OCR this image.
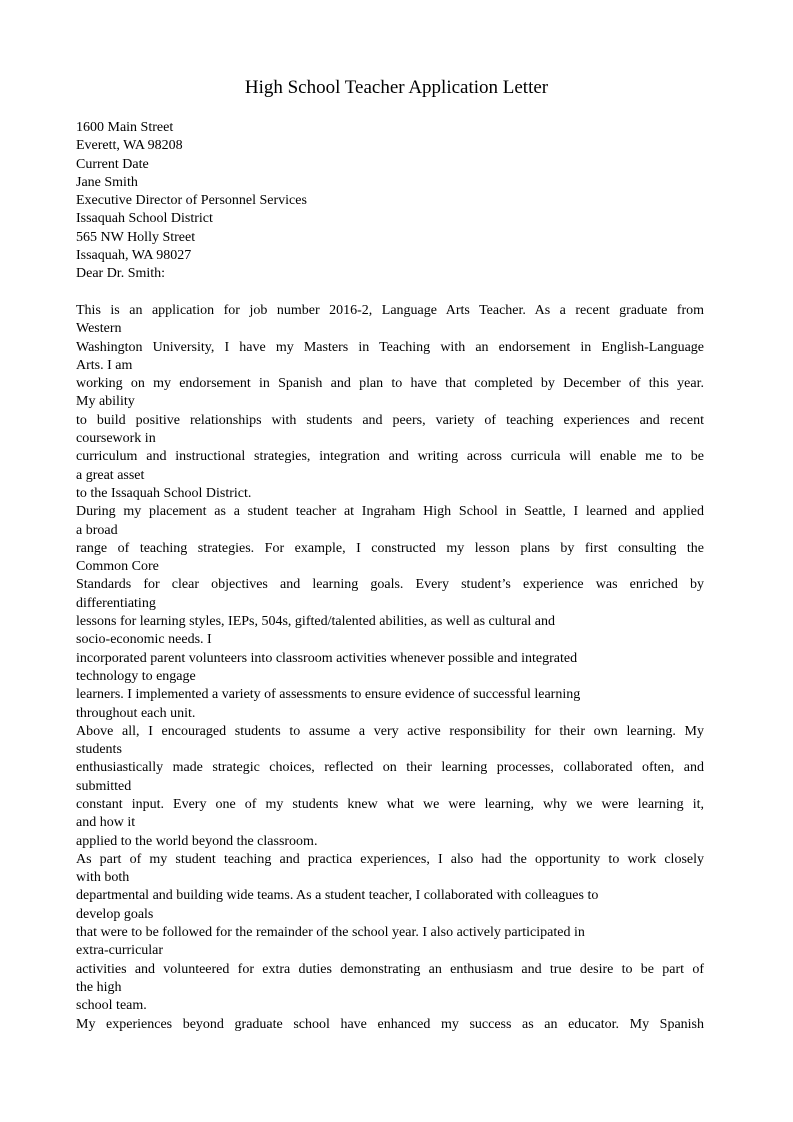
High School Teacher Application Letter
1600 Main Street
Everett, WA 98208
Current Date
Jane Smith
Executive Director of Personnel Services
Issaquah School District
565 NW Holly Street
Issaquah, WA 98027
Dear Dr. Smith:
This is an application for job number 2016-2, Language Arts Teacher. As a recent graduate from
Western
Washington University, I have my Masters in Teaching with an endorsement in English-Language
Arts. I am
working on my endorsement in Spanish and plan to have that completed by December of this year.
My ability
to build positive relationships with students and peers, variety of teaching experiences and recent
coursework in
curriculum and instructional strategies, integration and writing across curricula will enable me to be
a great asset
to the Issaquah School District.
During my placement as a student teacher at Ingraham High School in Seattle, I learned and applied
a broad
range of teaching strategies. For example, I constructed my lesson plans by first consulting the
Common Core
Standards for clear objectives and learning goals. Every student’s experience was enriched by
differentiating
lessons for learning styles, IEPs, 504s, gifted/talented abilities, as well as cultural and
socio-economic needs. I
incorporated parent volunteers into classroom activities whenever possible and integrated
technology to engage
learners. I implemented a variety of assessments to ensure evidence of successful learning
throughout each unit.
Above all, I encouraged students to assume a very active responsibility for their own learning. My
students
enthusiastically made strategic choices, reflected on their learning processes, collaborated often, and
submitted
constant input. Every one of my students knew what we were learning, why we were learning it,
and how it
applied to the world beyond the classroom.
As part of my student teaching and practica experiences, I also had the opportunity to work closely
with both
departmental and building wide teams. As a student teacher, I collaborated with colleagues to
develop goals
that were to be followed for the remainder of the school year. I also actively participated in
extra-curricular
activities and volunteered for extra duties demonstrating an enthusiasm and true desire to be part of
the high
school team.
My experiences beyond graduate school have enhanced my success as an educator. My Spanish
